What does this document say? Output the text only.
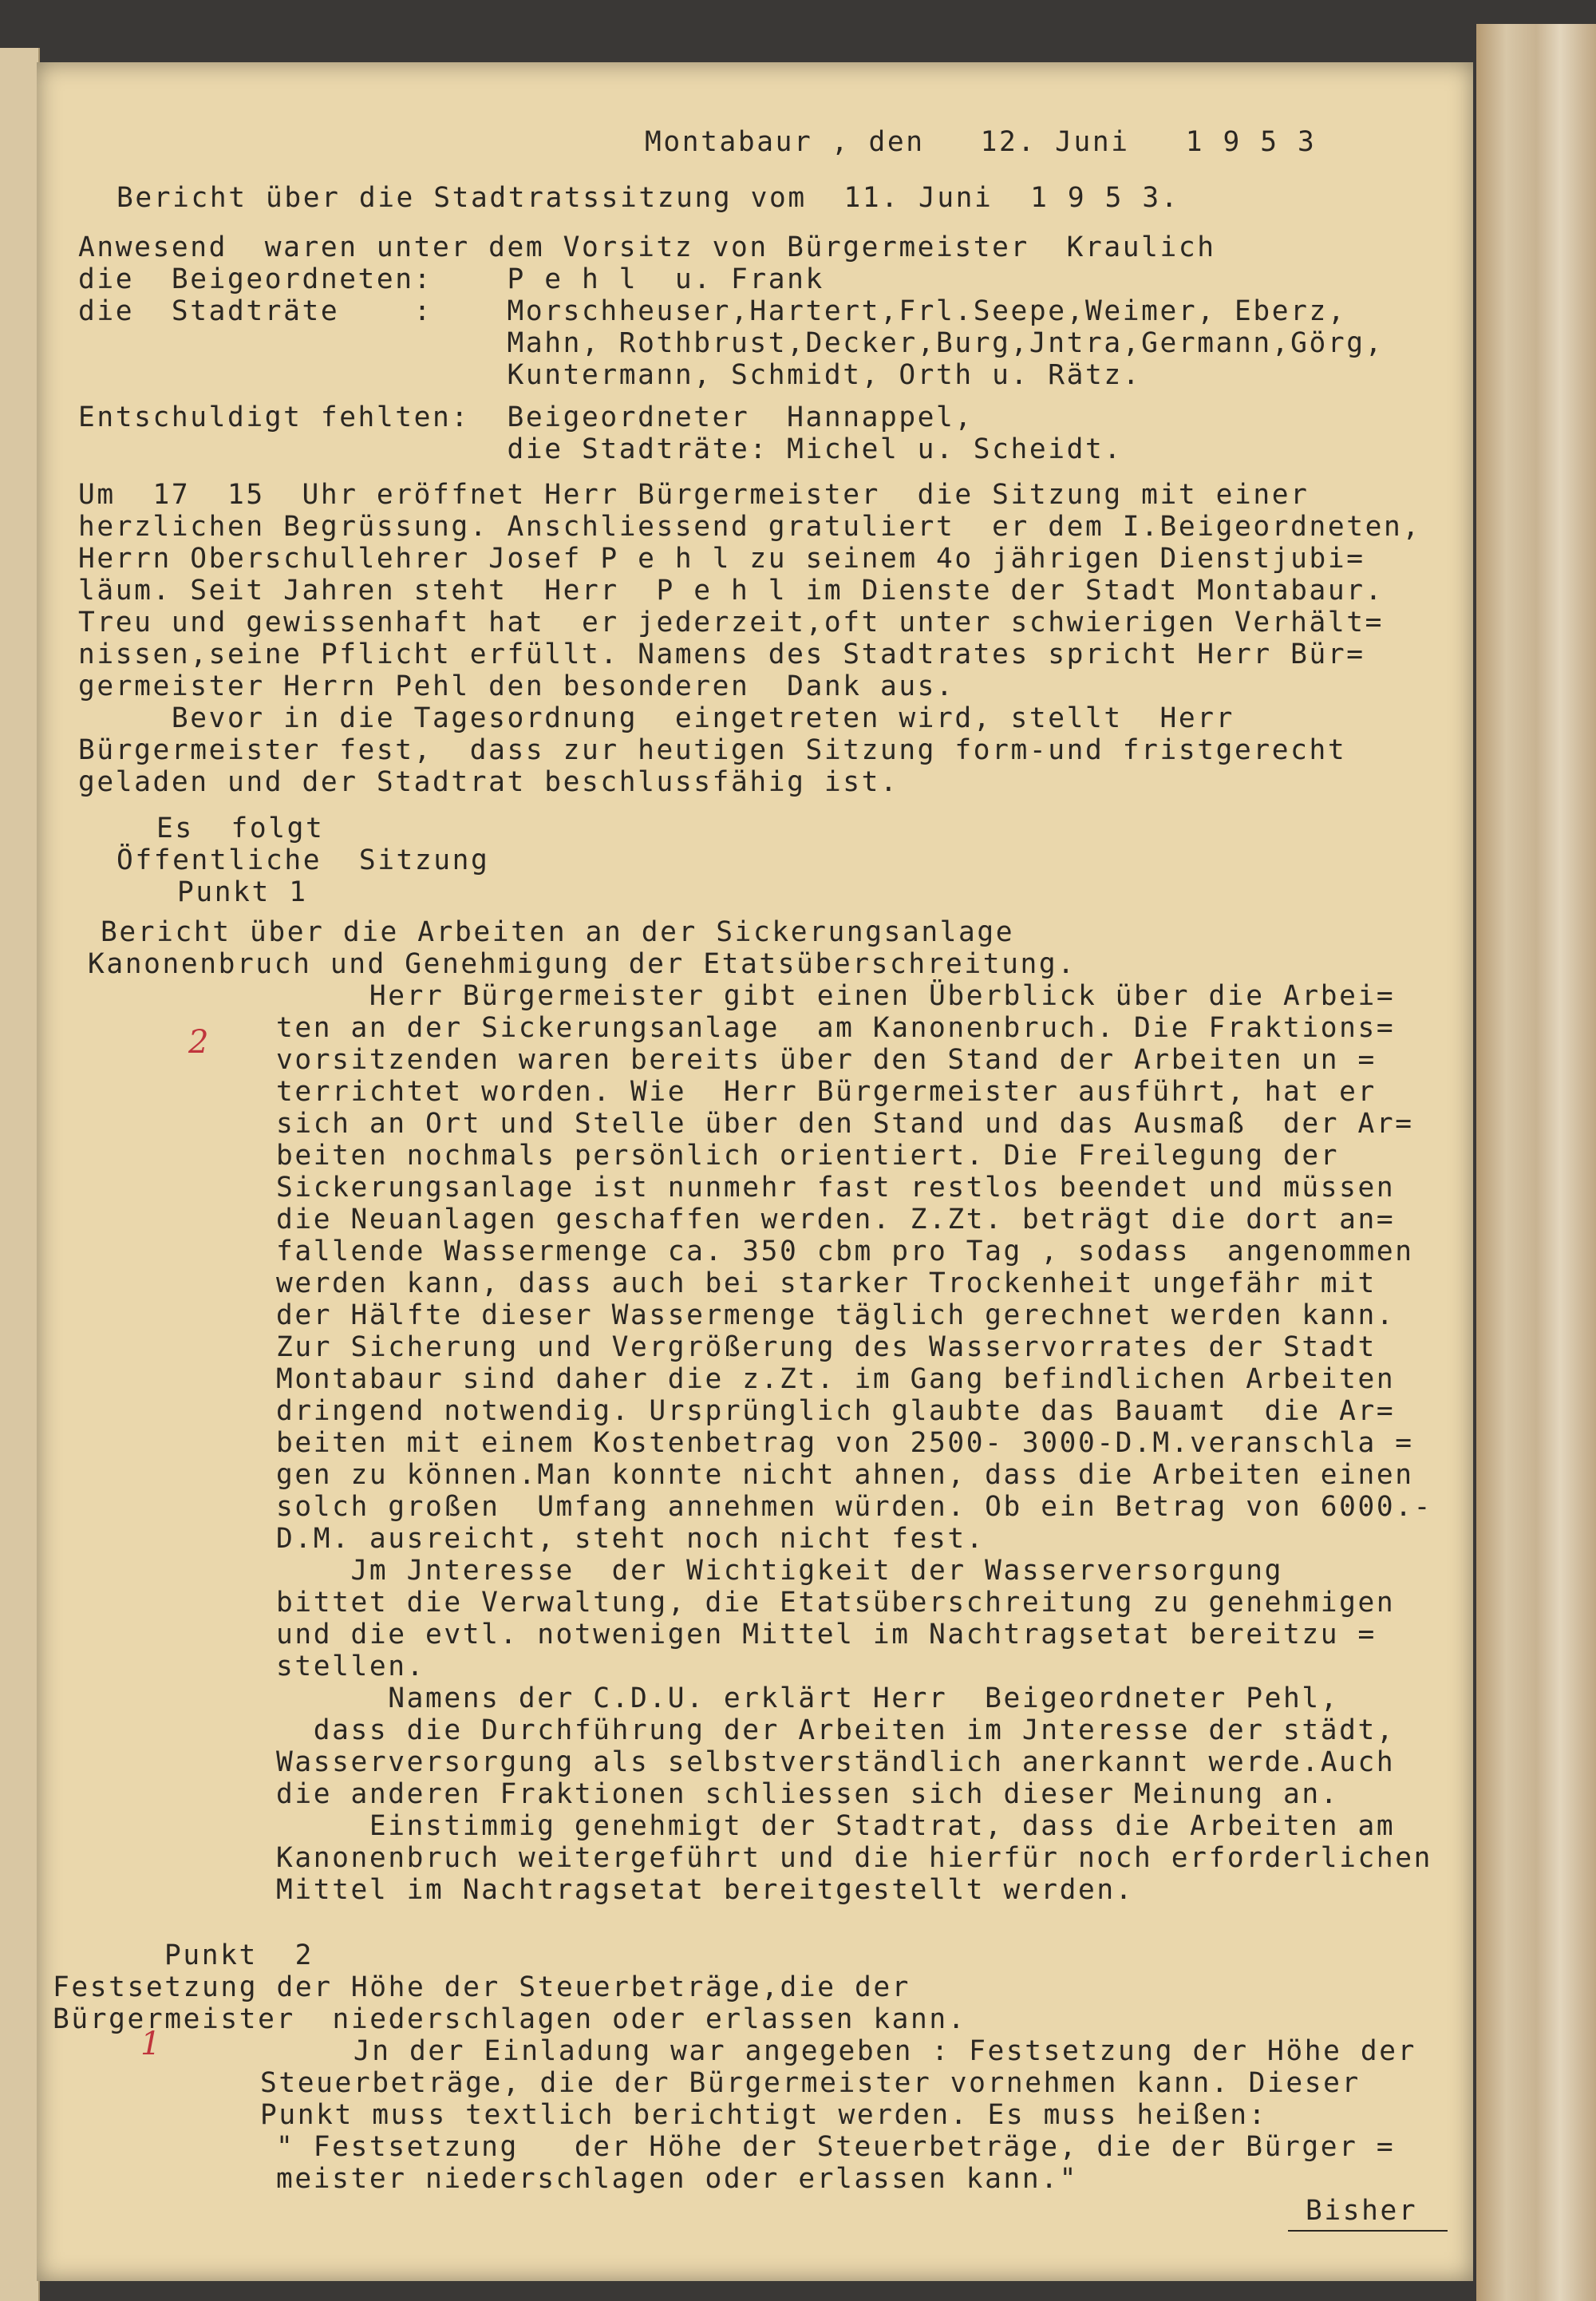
Montabaur , den   12. Juni   1 9 5 3
Bericht über die Stadtratssitzung vom  11. Juni  1 9 5 3.
Anwesend  waren unter dem Vorsitz von Bürgermeister  Kraulich
die  Beigeordneten:    P e h l  u. Frank
die  Stadträte    :    Morschheuser,Hartert,Frl.Seepe,Weimer, Eberz,
Mahn, Rothbrust,Decker,Burg,Jntra,Germann,Görg,
Kuntermann, Schmidt, Orth u. Rätz.
Entschuldigt fehlten:  Beigeordneter  Hannappel,
die Stadträte: Michel u. Scheidt.
Um  17  15  Uhr eröffnet Herr Bürgermeister  die Sitzung mit einer
herzlichen Begrüssung. Anschliessend gratuliert  er dem I.Beigeordneten,
Herrn Oberschullehrer Josef P e h l zu seinem 4o jährigen Dienstjubi=
läum. Seit Jahren steht  Herr  P e h l im Dienste der Stadt Montabaur.
Treu und gewissenhaft hat  er jederzeit,oft unter schwierigen Verhält=
nissen,seine Pflicht erfüllt. Namens des Stadtrates spricht Herr Bür=
germeister Herrn Pehl den besonderen  Dank aus.
Bevor in die Tagesordnung  eingetreten wird, stellt  Herr
Bürgermeister fest,  dass zur heutigen Sitzung form-und fristgerecht
geladen und der Stadtrat beschlussfähig ist.
Es  folgt
Öffentliche  Sitzung
Punkt 1
Bericht über die Arbeiten an der Sickerungsanlage
Kanonenbruch und Genehmigung der Etatsüberschreitung.
2
Herr Bürgermeister gibt einen Überblick über die Arbei=
ten an der Sickerungsanlage  am Kanonenbruch. Die Fraktions=
vorsitzenden waren bereits über den Stand der Arbeiten un =
terrichtet worden. Wie  Herr Bürgermeister ausführt, hat er
sich an Ort und Stelle über den Stand und das Ausmaß  der Ar=
beiten nochmals persönlich orientiert. Die Freilegung der
Sickerungsanlage ist nunmehr fast restlos beendet und müssen
die Neuanlagen geschaffen werden. Z.Zt. beträgt die dort an=
fallende Wassermenge ca. 350 cbm pro Tag , sodass  angenommen
werden kann, dass auch bei starker Trockenheit ungefähr mit
der Hälfte dieser Wassermenge täglich gerechnet werden kann.
Zur Sicherung und Vergrößerung des Wasservorrates der Stadt
Montabaur sind daher die z.Zt. im Gang befindlichen Arbeiten
dringend notwendig. Ursprünglich glaubte das Bauamt  die Ar=
beiten mit einem Kostenbetrag von 2500- 3000-D.M.veranschla =
gen zu können.Man konnte nicht ahnen, dass die Arbeiten einen
solch großen  Umfang annehmen würden. Ob ein Betrag von 6000.-
D.M. ausreicht, steht noch nicht fest.
Jm Jnteresse  der Wichtigkeit der Wasserversorgung
bittet die Verwaltung, die Etatsüberschreitung zu genehmigen
und die evtl. notwenigen Mittel im Nachtragsetat bereitzu =
stellen.
Namens der C.D.U. erklärt Herr  Beigeordneter Pehl,
dass die Durchführung der Arbeiten im Jnteresse der städt,
Wasserversorgung als selbstverständlich anerkannt werde.Auch
die anderen Fraktionen schliessen sich dieser Meinung an.
Einstimmig genehmigt der Stadtrat, dass die Arbeiten am
Kanonenbruch weitergeführt und die hierfür noch erforderlichen
Mittel im Nachtragsetat bereitgestellt werden.
Punkt  2
Festsetzung der Höhe der Steuerbeträge,die der
Bürgermeister  niederschlagen oder erlassen kann.
1	Jn der Einladung war angegeben : Festsetzung der Höhe der
Steuerbeträge, die der Bürgermeister vornehmen kann. Dieser
Punkt muss textlich berichtigt werden. Es muss heißen:
" Festsetzung   der Höhe der Steuerbeträge, die der Bürger =
meister niederschlagen oder erlassen kann."
Bisher
